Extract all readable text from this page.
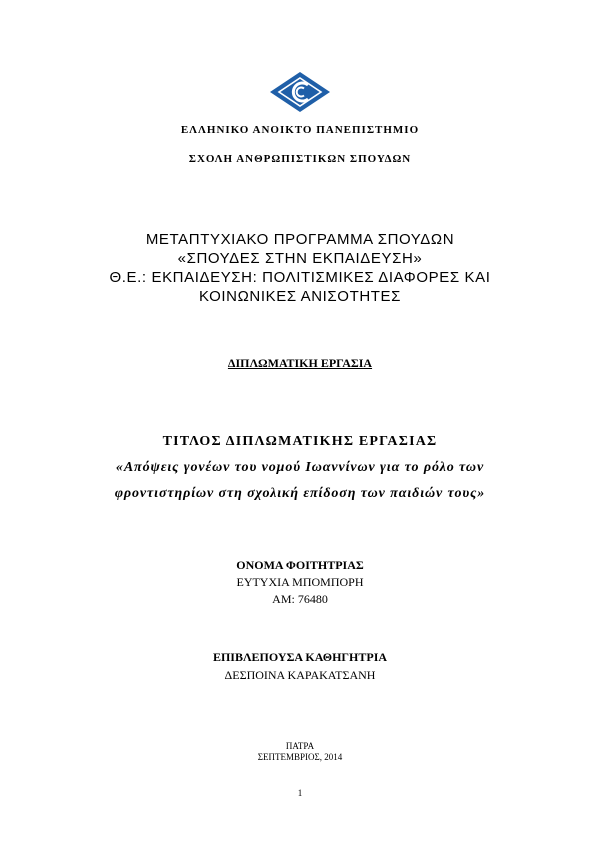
ΕΛΛΗΝΙΚΟ ΑΝΟΙΚΤΟ ΠΑΝΕΠΙΣΤΗΜΙΟ
ΣΧΟΛΗ ΑΝΘΡΩΠΙΣΤΙΚΩΝ ΣΠΟΥΔΩΝ
ΜΕΤΑΠΤΥΧΙΑΚΟ ΠΡΟΓΡΑΜΜΑ ΣΠΟΥΔΩΝ
«ΣΠΟΥΔΕΣ ΣΤΗΝ ΕΚΠΑΙΔΕΥΣΗ»
Θ.Ε.: ΕΚΠΑΙΔΕΥΣΗ: ΠΟΛΙΤΙΣΜΙΚΕΣ ΔΙΑΦΟΡΕΣ ΚΑΙ
ΚΟΙΝΩΝΙΚΕΣ ΑΝΙΣΟΤΗΤΕΣ
ΔΙΠΛΩΜΑΤΙΚΗ ΕΡΓΑΣΙΑ
ΤΙΤΛΟΣ ΔΙΠΛΩΜΑΤΙΚΗΣ ΕΡΓΑΣΙΑΣ
«Απόψεις γονέων του νομού Ιωαννίνων για το ρόλο των
φροντιστηρίων στη σχολική επίδοση των παιδιών τους»
ΟΝΟΜΑ ΦΟΙΤΗΤΡΙΑΣ
ΕΥΤΥΧΙΑ ΜΠΟΜΠΟΡΗ
ΑΜ: 76480
ΕΠΙΒΛΕΠΟΥΣΑ ΚΑΘΗΓΗΤΡΙΑ
ΔΕΣΠΟΙΝΑ ΚΑΡΑΚΑΤΣΑΝΗ
ΠΑΤΡΑ
ΣΕΠΤΕΜΒΡΙΟΣ, 2014
1
